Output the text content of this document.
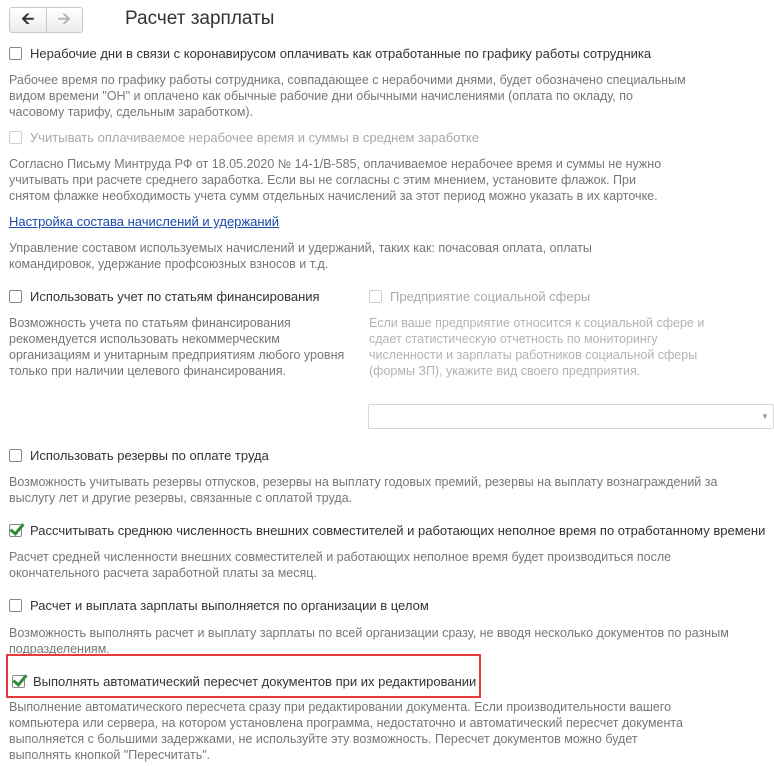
🡨 🡪	Расчет зарплаты
Нерабочие дни в связи с коронавирусом оплачивать как отработанные по графику работы сотрудника
Рабочее время по графику работы сотрудника, совпадающее с нерабочими днями, будет обозначено специальным
видом времени "ОН" и оплачено как обычные рабочие дни обычными начислениями (оплата по окладу, по
часовому тарифу, сдельным заработком).
Учитывать оплачиваемое нерабочее время и суммы в среднем заработке
Согласно Письму Минтруда РФ от 18.05.2020 № 14-1/В-585, оплачиваемое нерабочее время и суммы не нужно
учитывать при расчете среднего заработка. Если вы не согласны с этим мнением, установите флажок. При
снятом флажке необходимость учета сумм отдельных начислений за этот период можно указать в их карточке.
Настройка состава начислений и удержаний
Управление составом используемых начислений и удержаний, таких как: почасовая оплата, оплаты
командировок, удержание профсоюзных взносов и т.д.
Использовать учет по статьям финансирования
Возможность учета по статьям финансирования
рекомендуется использовать некоммерческим
организациям и унитарным предприятиям любого уровня
только при наличии целевого финансирования.
Предприятие социальной сферы
Если ваше предприятие относится к социальной сфере и
сдает статистическую отчетность по мониторингу
численности и зарплаты работников социальной сферы
(формы ЗП), укажите вид своего предприятия.
▼
Использовать резервы по оплате труда
Возможность учитывать резервы отпусков, резервы на выплату годовых премий, резервы на выплату вознаграждений за
выслугу лет и другие резервы, связанные с оплатой труда.
Рассчитывать среднюю численность внешних совместителей и работающих неполное время по отработанному времени
Расчет средней численности внешних совместителей и работающих неполное время будет производиться после
окончательного расчета заработной платы за месяц.
Расчет и выплата зарплаты выполняется по организации в целом
Возможность выполнять расчет и выплату зарплаты по всей организации сразу, не вводя несколько документов по разным
подразделениям.
Выполнять автоматический пересчет документов при их редактировании
Выполнение автоматического пересчета сразу при редактировании документа. Если производительности вашего
компьютера или сервера, на котором установлена программа, недостаточно и автоматический пересчет документа
выполняется с большими задержками, не используйте эту возможность. Пересчет документов можно будет
выполнять кнопкой "Пересчитать".
